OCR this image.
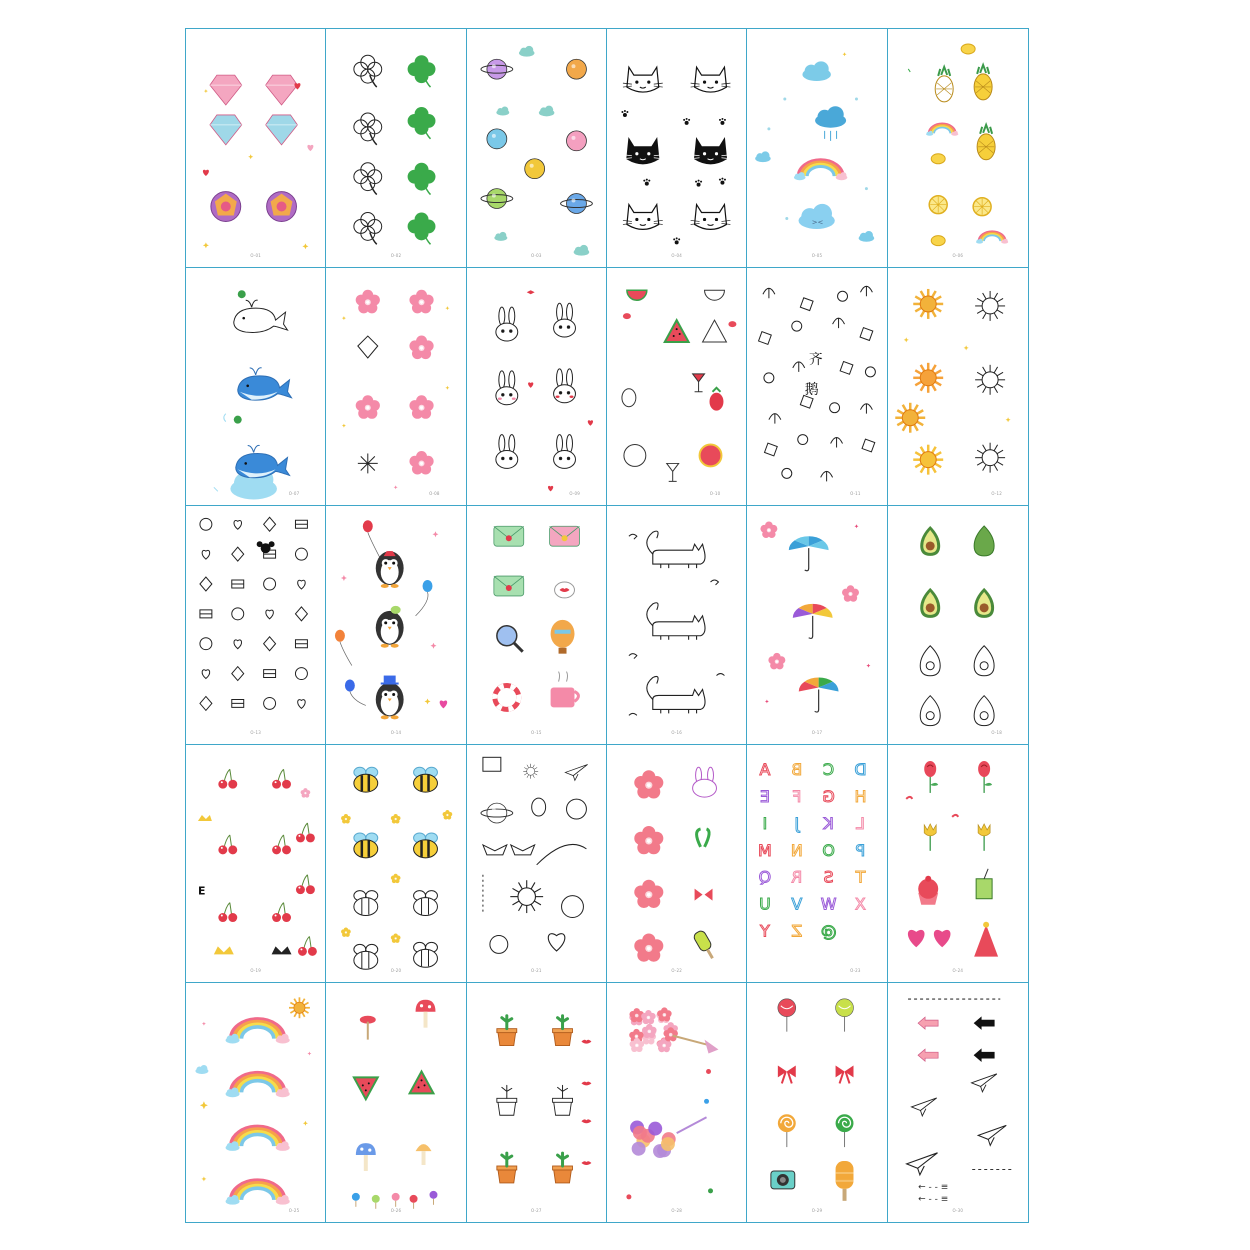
O-01	O-02	O-03	O-04
><
O-05	O-06
O-07	O-08	O-09	O-10
齐
鹅
O-11	O-12
O-13	O-14	O-15	O-16	O-17	O-18
E
O-19	O-20	O-21	O-22
A B C D
E F G H
I J K L
M N O P
Q R S T
U V W X
Y Z @
O-23	O-24
O-25	O-26	O-27	O-28	O-29
← - - ≡
← - - ≡
O-30
